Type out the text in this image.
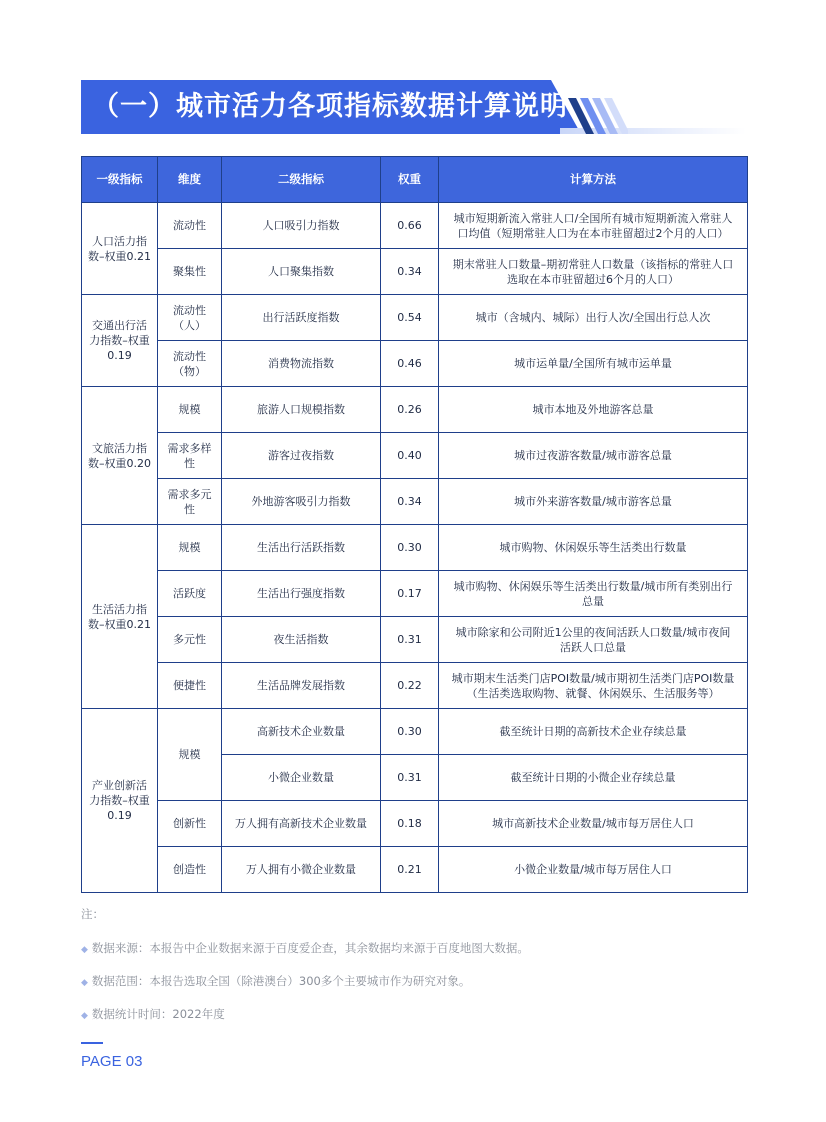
（一）城市活力各项指标数据计算说明
一级指标	维度	二级指标	权重	计算方法
人口活力指数–权重0.21	流动性	人口吸引力指数	0.66	城市短期新流入常驻人口/全国所有城市短期新流入常驻人口均值（短期常驻人口为在本市驻留超过2个月的人口）
	聚集性	人口聚集指数	0.34	期末常驻人口数量–期初常驻人口数量（该指标的常驻人口选取在本市驻留超过6个月的人口）
交通出行活力指数–权重0.19	流动性（人）	出行活跃度指数	0.54	城市（含城内、城际）出行人次/全国出行总人次
	流动性（物）	消费物流指数	0.46	城市运单量/全国所有城市运单量
文旅活力指数–权重0.20	规模	旅游人口规模指数	0.26	城市本地及外地游客总量
	需求多样性	游客过夜指数	0.40	城市过夜游客数量/城市游客总量
	需求多元性	外地游客吸引力指数	0.34	城市外来游客数量/城市游客总量
生活活力指数–权重0.21	规模	生活出行活跃指数	0.30	城市购物、休闲娱乐等生活类出行数量
	活跃度	生活出行强度指数	0.17	城市购物、休闲娱乐等生活类出行数量/城市所有类别出行总量
	多元性	夜生活指数	0.31	城市除家和公司附近1公里的夜间活跃人口数量/城市夜间活跃人口总量
	便捷性	生活品牌发展指数	0.22	城市期末生活类门店POI数量/城市期初生活类门店POI数量（生活类选取购物、就餐、休闲娱乐、生活服务等）
产业创新活力指数–权重0.19	规模	高新技术企业数量	0.30	截至统计日期的高新技术企业存续总量
		小微企业数量	0.31	截至统计日期的小微企业存续总量
	创新性	万人拥有高新技术企业数量	0.18	城市高新技术企业数量/城市每万居住人口
	创造性	万人拥有小微企业数量	0.21	小微企业数量/城市每万居住人口
注：
◆ 数据来源：本报告中企业数据来源于百度爱企查，其余数据均来源于百度地图大数据。
◆ 数据范围：本报告选取全国（除港澳台）300多个主要城市作为研究对象。
◆ 数据统计时间：2022年度
PAGE 03
